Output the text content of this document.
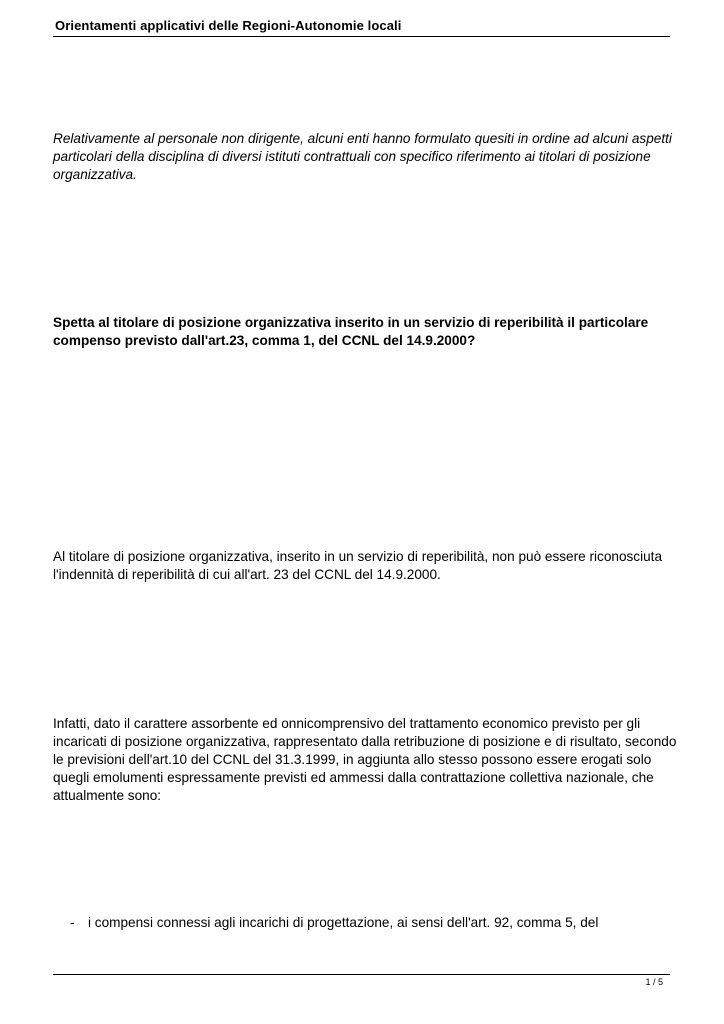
Orientamenti applicativi delle Regioni-Autonomie locali

Relativamente al personale non dirigente, alcuni enti hanno formulato quesiti in ordine ad alcuni aspetti particolari della disciplina di diversi istituti contrattuali con specifico riferimento ai titolari di posizione organizzativa.

Spetta al titolare di posizione organizzativa inserito in un servizio di reperibilità il particolare compenso previsto dall'art.23, comma 1, del CCNL del 14.9.2000?

Al titolare di posizione organizzativa, inserito in un servizio di reperibilità, non può essere riconosciuta l'indennità di reperibilità di cui all'art. 23 del CCNL del 14.9.2000.

Infatti, dato il carattere assorbente ed onnicomprensivo del trattamento economico previsto per gli incaricati di posizione organizzativa, rappresentato dalla retribuzione di posizione e di risultato, secondo le previsioni dell'art.10 del CCNL del 31.3.1999, in aggiunta allo stesso possono essere erogati solo quegli emolumenti espressamente previsti ed ammessi dalla contrattazione collettiva nazionale, che attualmente sono:

- i compensi connessi agli incarichi di progettazione, ai sensi dell'art. 92, comma 5, del

1 / 5
